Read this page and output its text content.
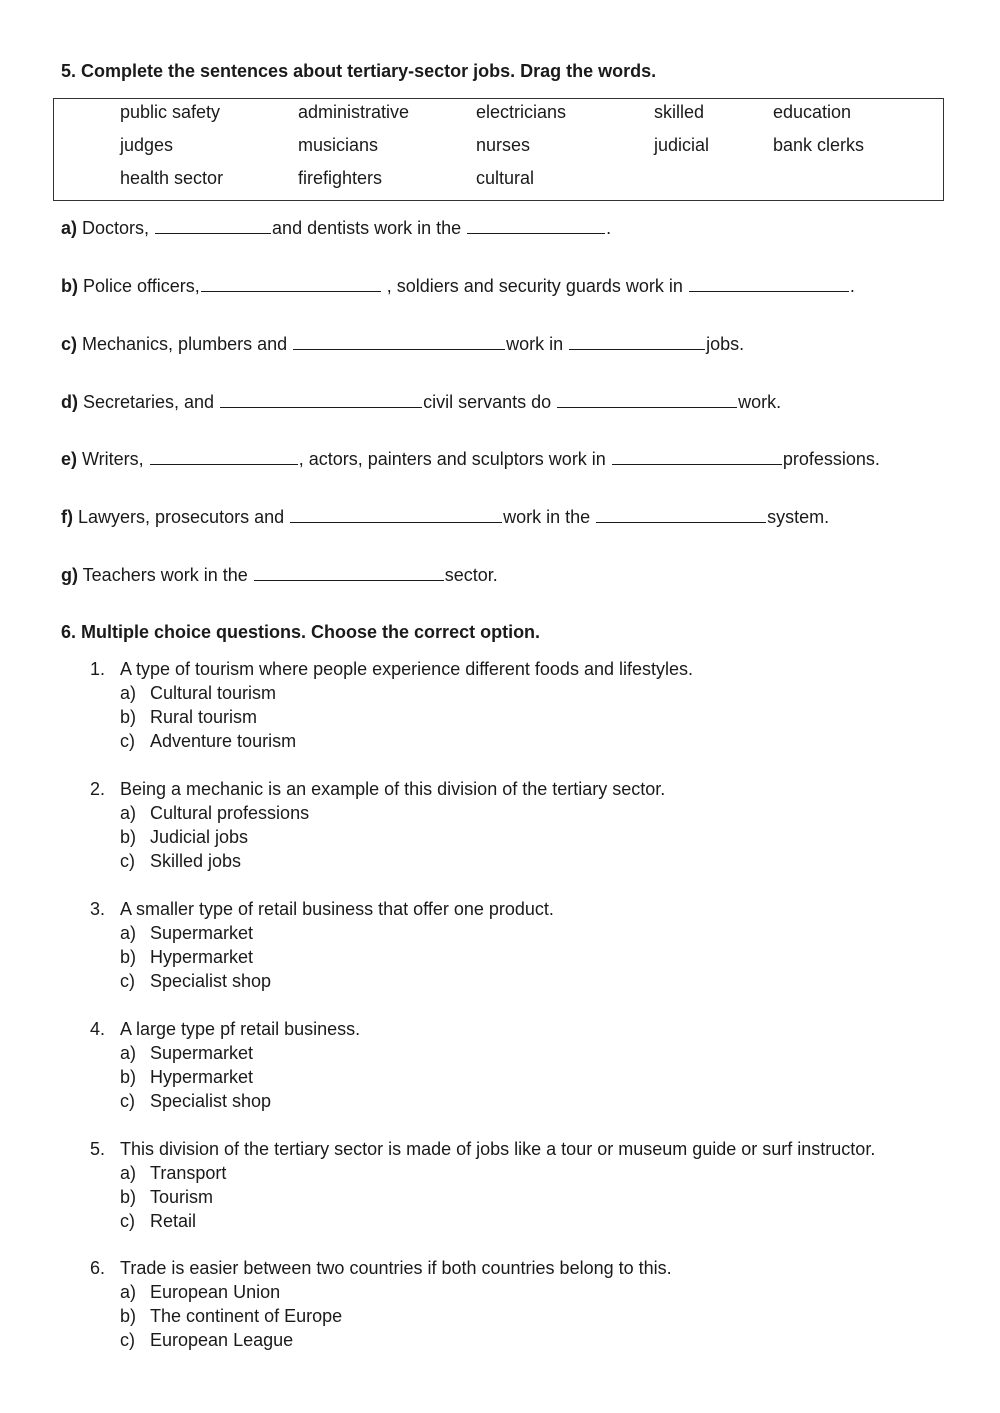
5. Complete the sentences about tertiary-sector jobs. Drag the words.
public safety	administrative	electricians	skilled	education
judges	musicians	nurses	judicial	bank clerks
health sector	firefighters	cultural
a) Doctors,	and dentists work in the	.
b) Police officers,	, soldiers and security guards work in	.
c) Mechanics, plumbers and	work in	jobs.
d) Secretaries, and	civil servants do	work.
e) Writers,	, actors, painters and sculptors work in	professions.
f) Lawyers, prosecutors and	work in the	system.
g) Teachers work in the	sector.
6. Multiple choice questions. Choose the correct option.
1. A type of tourism where people experience different foods and lifestyles.
a) Cultural tourism
b) Rural tourism
c) Adventure tourism
2. Being a mechanic is an example of this division of the tertiary sector.
a) Cultural professions
b) Judicial jobs
c) Skilled jobs
3. A smaller type of retail business that offer one product.
a) Supermarket
b) Hypermarket
c) Specialist shop
4. A large type pf retail business.
a) Supermarket
b) Hypermarket
c) Specialist shop
5. This division of the tertiary sector is made of jobs like a tour or museum guide or surf instructor.
a) Transport
b) Tourism
c) Retail
6. Trade is easier between two countries if both countries belong to this.
a) European Union
b) The continent of Europe
c) European League
